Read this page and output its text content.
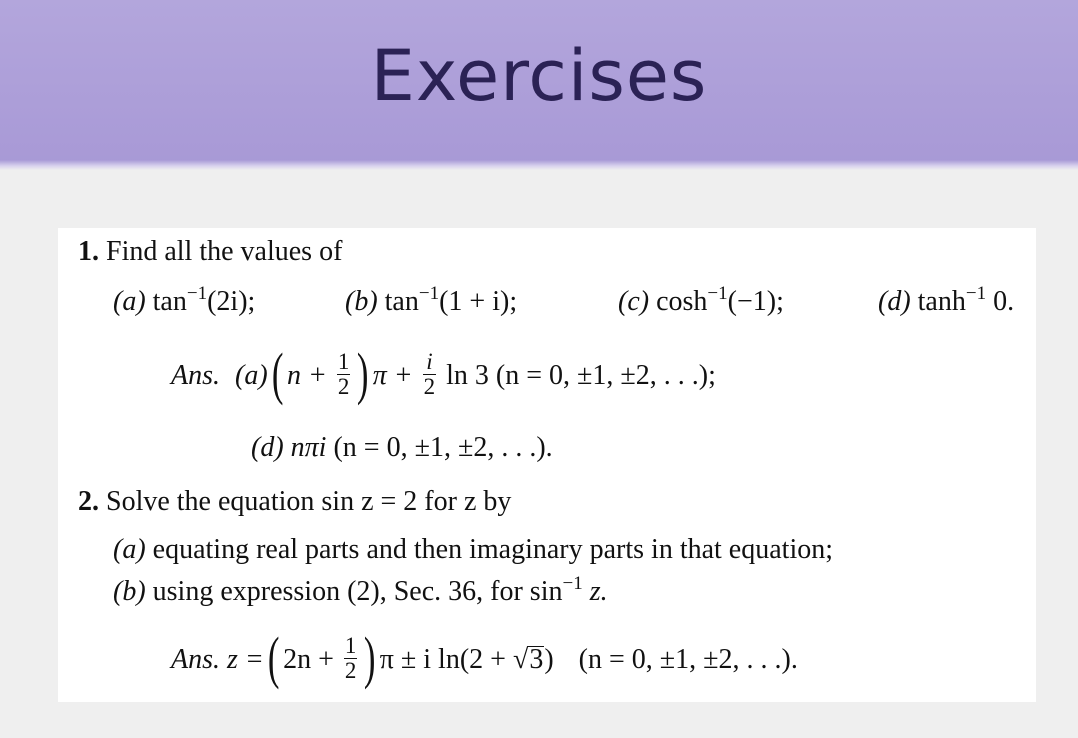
Exercises
1. Find all the values of
(a) $\tan^{-1}(2i)$;	(b) $\tan^{-1}(1 + i)$;	(c) $\cosh^{-1}(-1)$;	(d) $\tanh^{-1} 0$.
Ans. (a) ( $n + \frac{1}{2}$ ) $\pi + \frac{i}{2}$ ln 3 (n = 0, ±1, ±2, . . .);
(d) nπi (n = 0, ±1, ±2, . . .).
2. Solve the equation sin z = 2 for z by
(a) equating real parts and then imaginary parts in that equation;
(b) using expression (2), Sec. 36, for $\sin^{-1} z$.
Ans. z = ( $2n + \frac{1}{2}$ ) π ± i ln(2 + √3) (n = 0, ±1, ±2, . . .).
